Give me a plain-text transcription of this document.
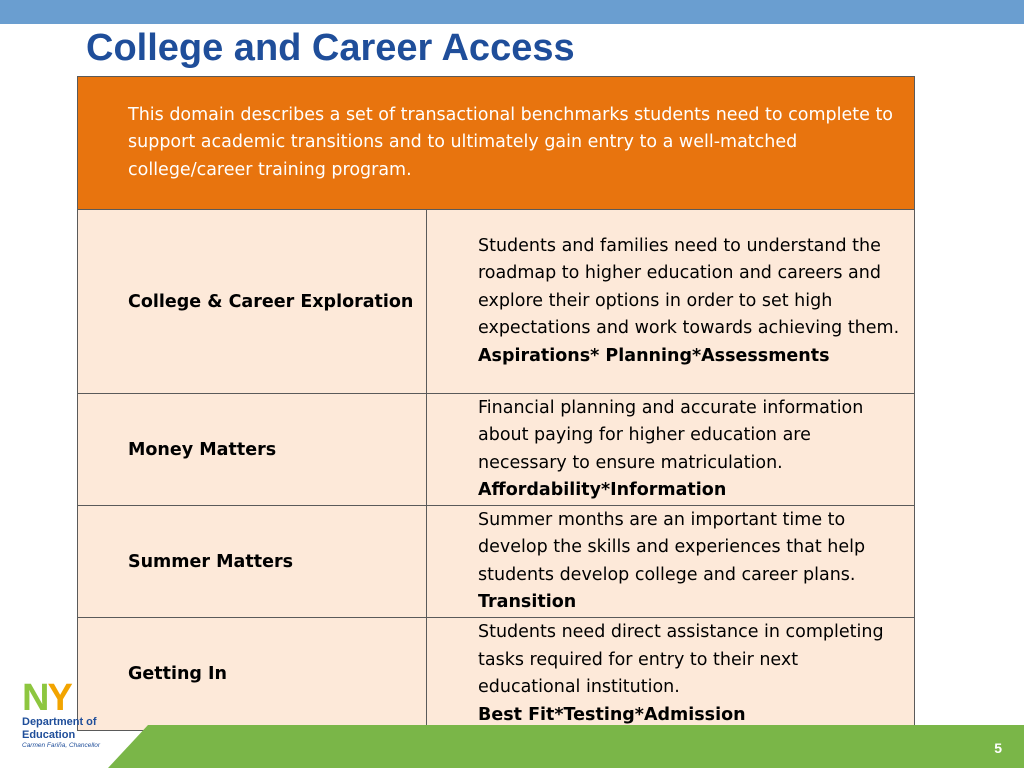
College and Career Access
This domain describes a set of transactional benchmarks students need to complete to support academic transitions and to ultimately gain entry to a well-matched college/career training program.	

College & Career Exploration	Students and families need to understand the roadmap to higher education and careers and explore their options in order to set high expectations and work towards achieving them.
Aspirations* Planning*Assessments

Money Matters	Financial planning and accurate information about paying for higher education are necessary to ensure matriculation.
Affordability*Information

Summer Matters	Summer months are an important time to develop the skills and experiences that help students develop college and career plans.
Transition

Getting In	Students need direct assistance in completing tasks required for entry to their next educational institution.
Best Fit*Testing*Admission
N Y
Department of
Education
Carmen Fariña, Chancellor	5
